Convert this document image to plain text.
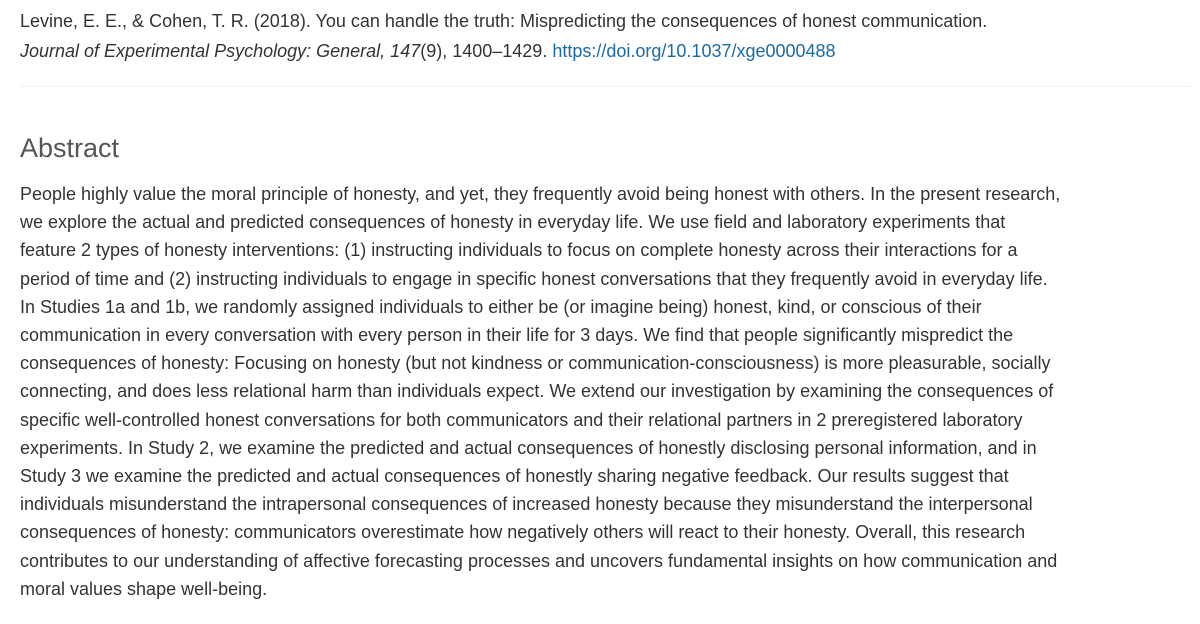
Levine, E. E., & Cohen, T. R. (2018). You can handle the truth: Mispredicting the consequences of honest communication.
Journal of Experimental Psychology: General, 147(9), 1400–1429. https://doi.org/10.1037/xge0000488
Abstract

People highly value the moral principle of honesty, and yet, they frequently avoid being honest with others. In the present research,
we explore the actual and predicted consequences of honesty in everyday life. We use field and laboratory experiments that
feature 2 types of honesty interventions: (1) instructing individuals to focus on complete honesty across their interactions for a
period of time and (2) instructing individuals to engage in specific honest conversations that they frequently avoid in everyday life.
In Studies 1a and 1b, we randomly assigned individuals to either be (or imagine being) honest, kind, or conscious of their
communication in every conversation with every person in their life for 3 days. We find that people significantly mispredict the
consequences of honesty: Focusing on honesty (but not kindness or communication-consciousness) is more pleasurable, socially
connecting, and does less relational harm than individuals expect. We extend our investigation by examining the consequences of
specific well-controlled honest conversations for both communicators and their relational partners in 2 preregistered laboratory
experiments. In Study 2, we examine the predicted and actual consequences of honestly disclosing personal information, and in
Study 3 we examine the predicted and actual consequences of honestly sharing negative feedback. Our results suggest that
individuals misunderstand the intrapersonal consequences of increased honesty because they misunderstand the interpersonal
consequences of honesty: communicators overestimate how negatively others will react to their honesty. Overall, this research
contributes to our understanding of affective forecasting processes and uncovers fundamental insights on how communication and
moral values shape well-being.
